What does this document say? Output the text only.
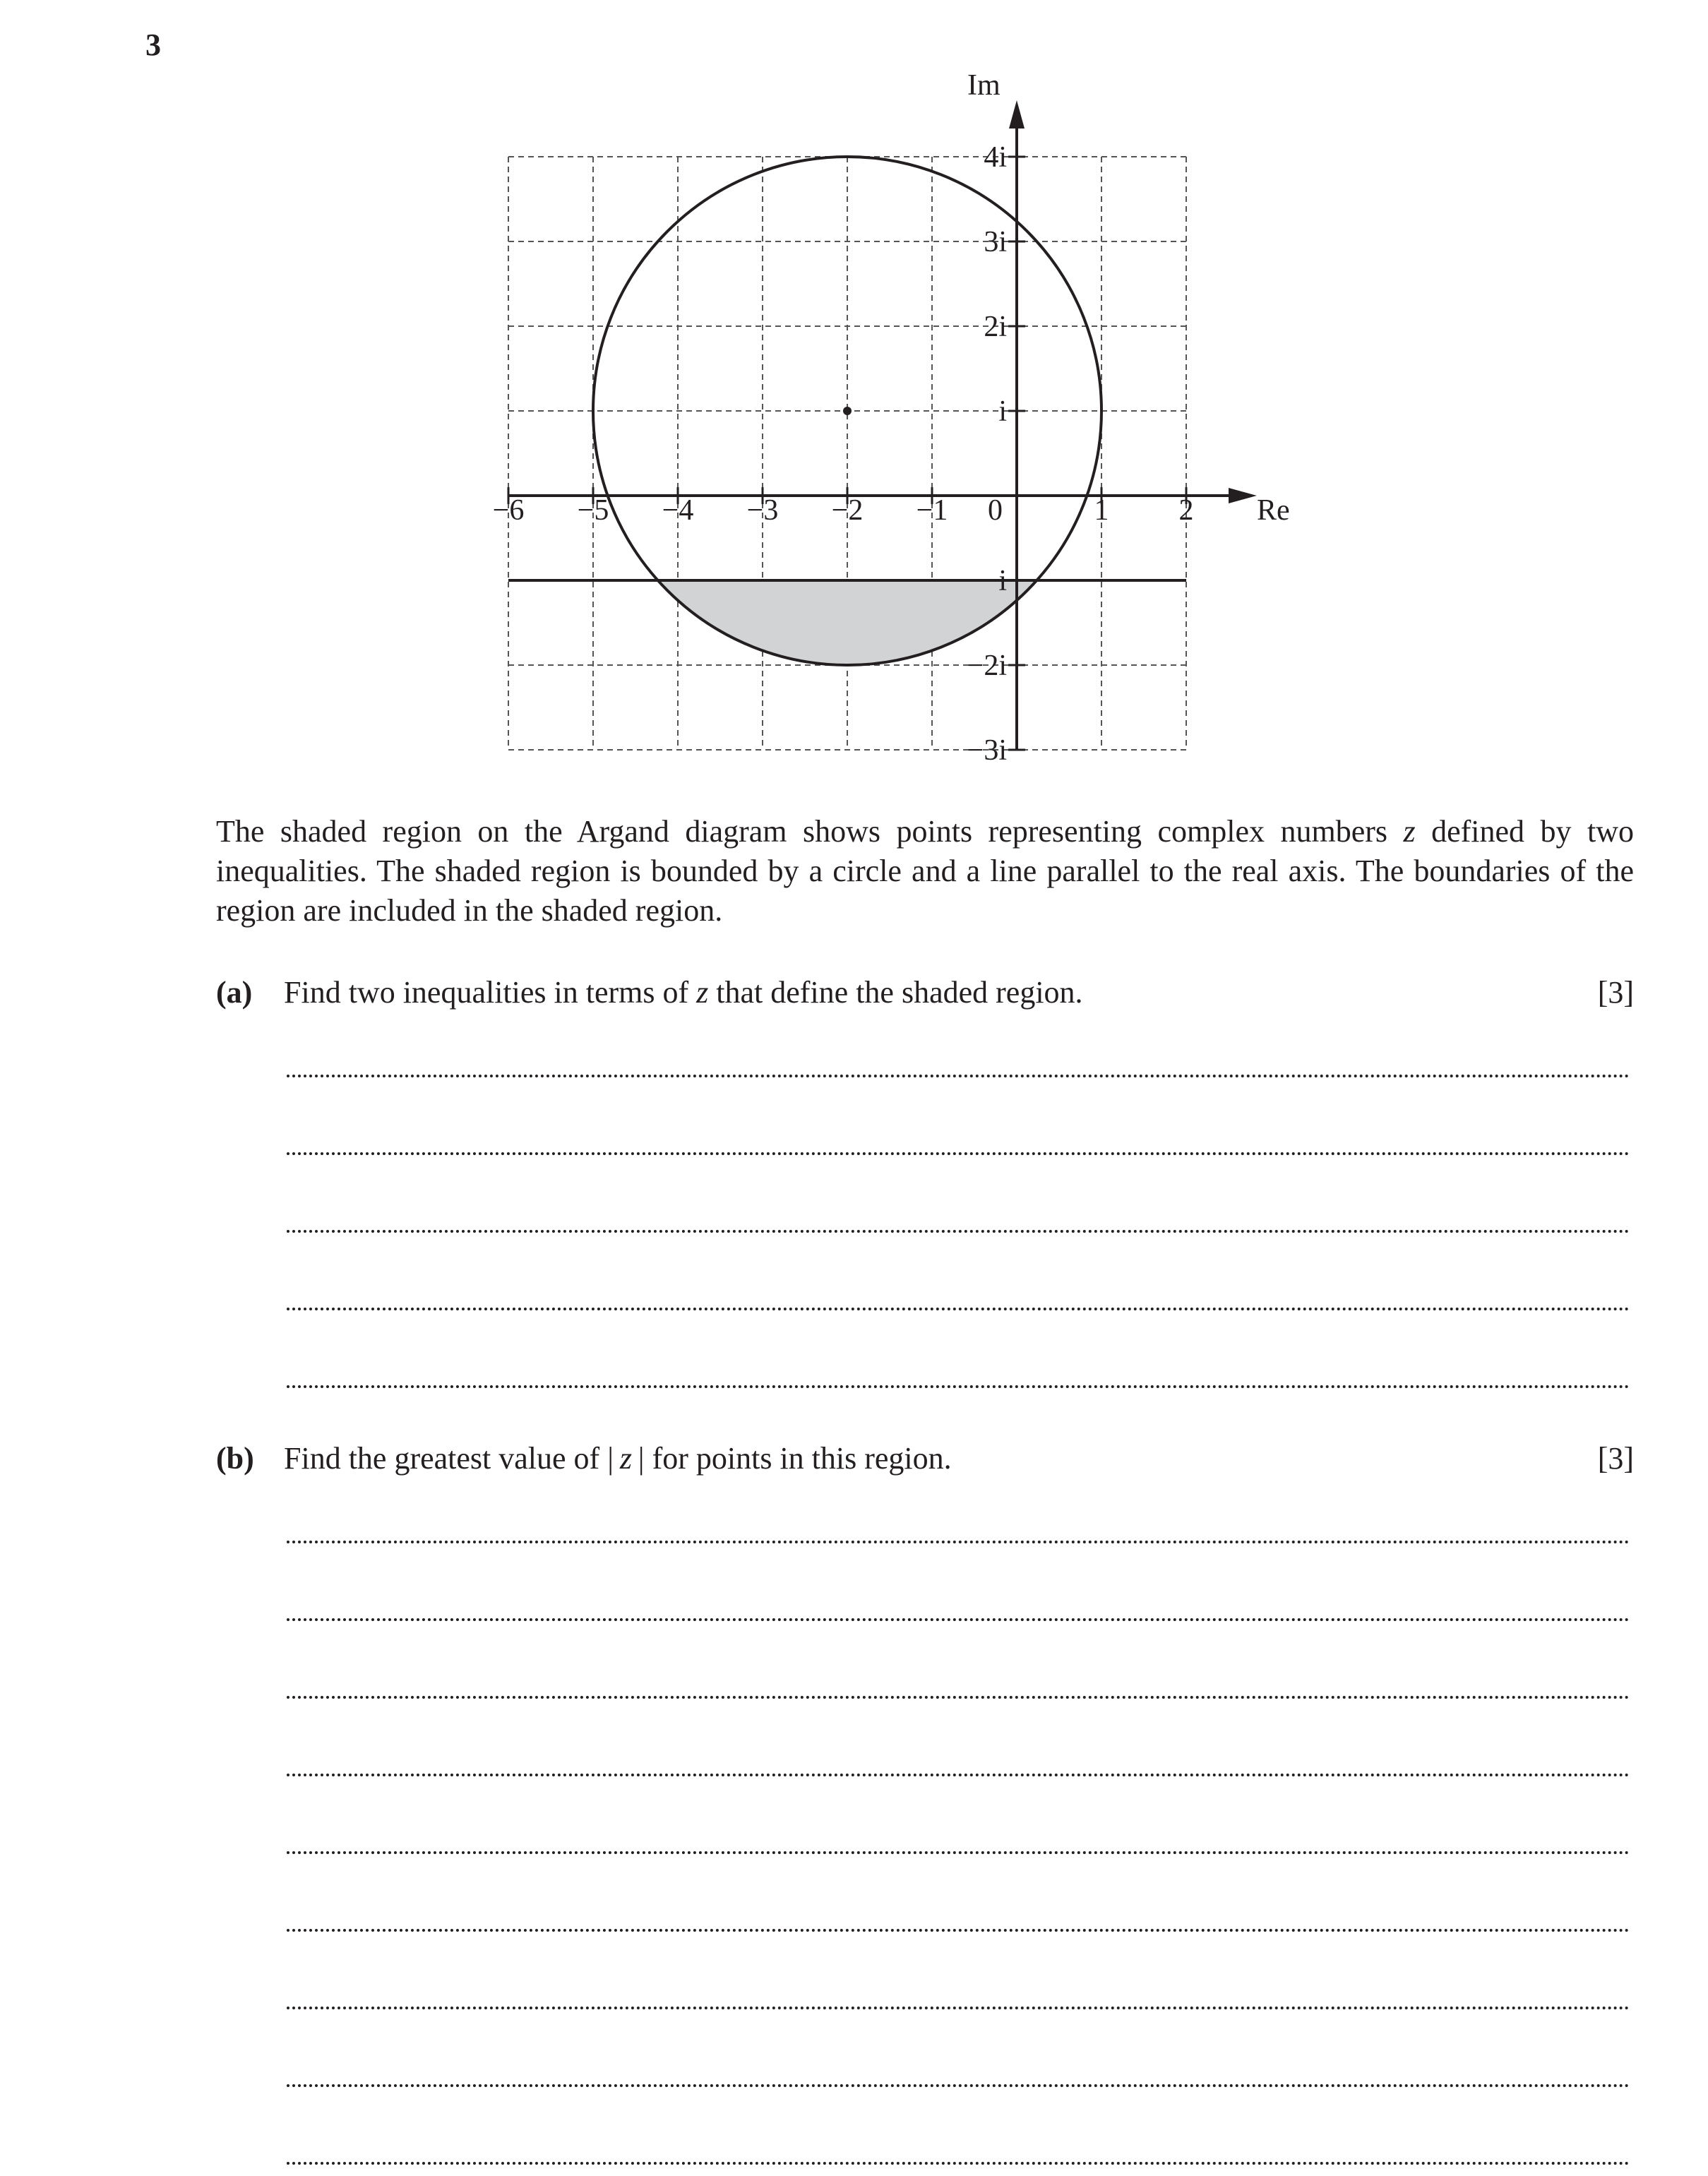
3
−6 −5 −4 −3 −2 −1	1 2
4i
3i
2i
i
−i
−2i
−3i
Re
Im
0
The shaded region on the Argand diagram shows points representing complex numbers z defined by two inequalities. The shaded region is bounded by a circle and a line parallel to the real axis. The boundaries of the region are included in the shaded region.
(a) Find two inequalities in terms of z that define the shaded region.	[3]
(b) Find the greatest value of | z | for points in this region.	[3]
